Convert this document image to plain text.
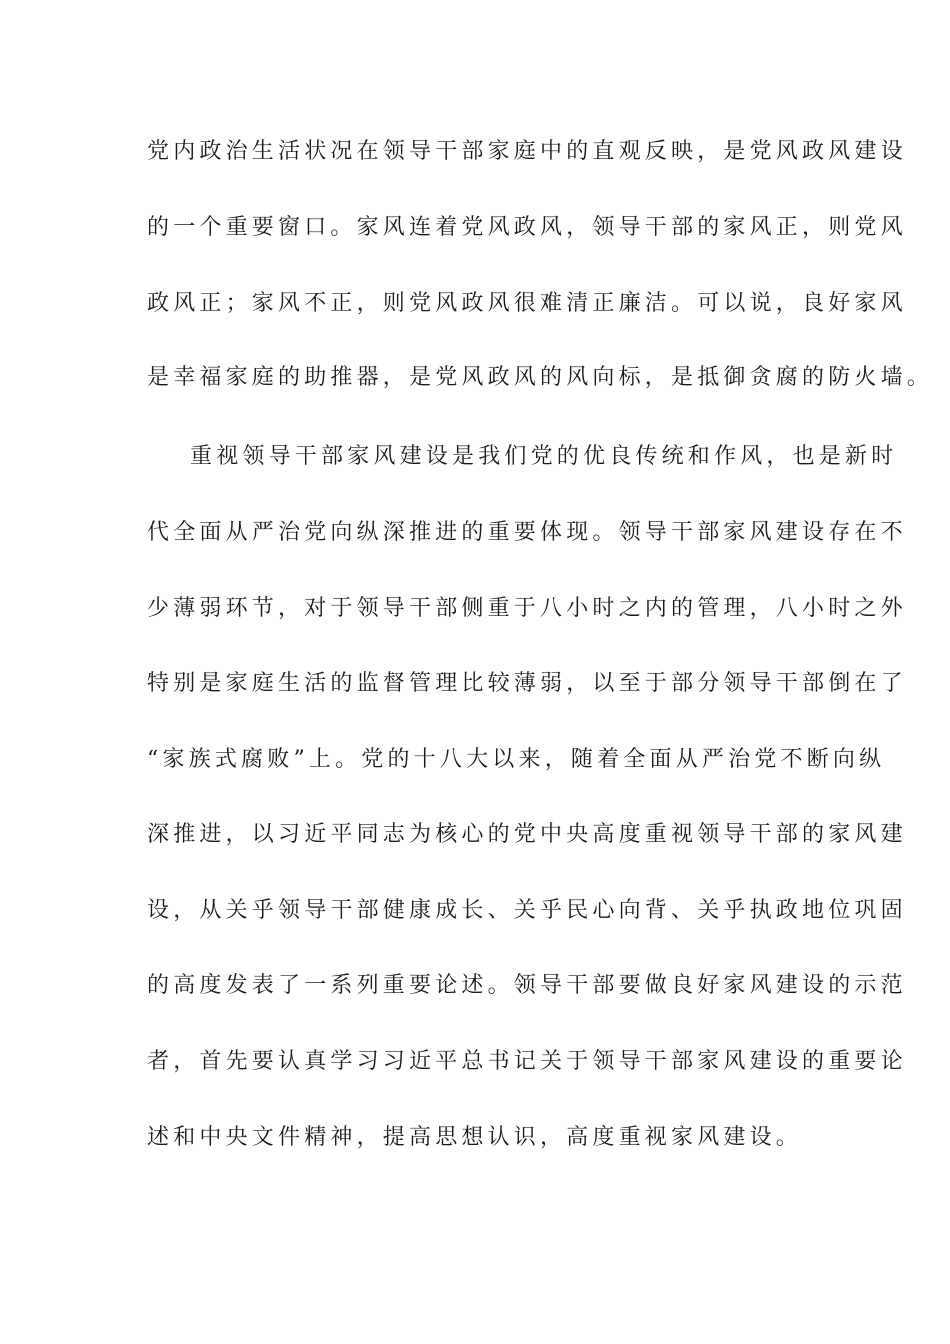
党内政治生活状况在领导干部家庭中的直观反映，是党风政风建设
的一个重要窗口。家风连着党风政风，领导干部的家风正，则党风
政风正；家风不正，则党风政风很难清正廉洁。可以说，良好家风
是幸福家庭的助推器，是党风政风的风向标，是抵御贪腐的防火墙。
重视领导干部家风建设是我们党的优良传统和作风，也是新时
代全面从严治党向纵深推进的重要体现。领导干部家风建设存在不
少薄弱环节，对于领导干部侧重于八小时之内的管理，八小时之外
特别是家庭生活的监督管理比较薄弱，以至于部分领导干部倒在了
“家族式腐败”上。党的十八大以来，随着全面从严治党不断向纵
深推进，以习近平同志为核心的党中央高度重视领导干部的家风建
设，从关乎领导干部健康成长、关乎民心向背、关乎执政地位巩固
的高度发表了一系列重要论述。领导干部要做良好家风建设的示范
者，首先要认真学习习近平总书记关于领导干部家风建设的重要论
述和中央文件精神，提高思想认识，高度重视家风建设。
